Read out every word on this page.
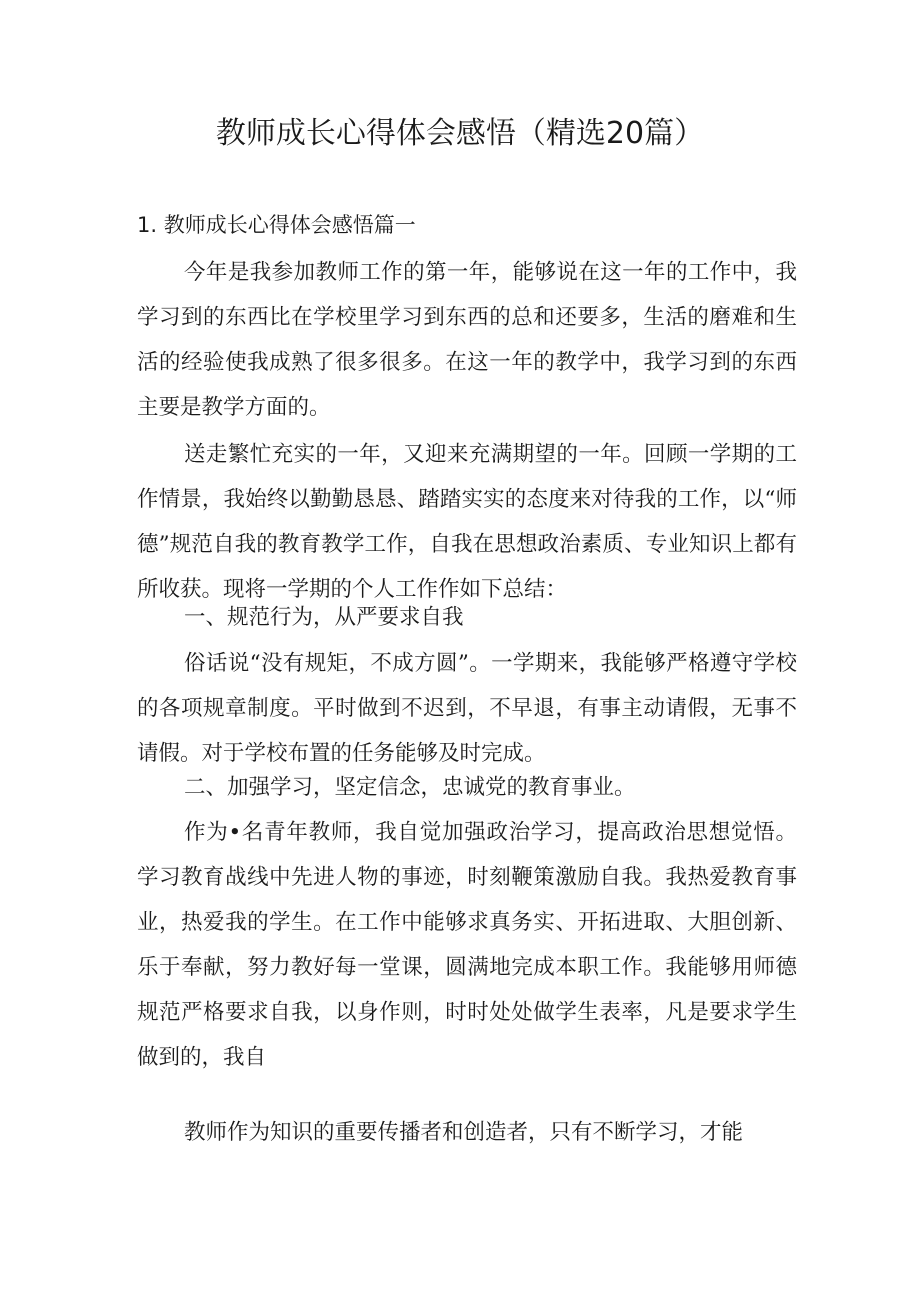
教师成长心得体会感悟（精选20篇）
1. 教师成长心得体会感悟篇一
今年是我参加教师工作的第一年，能够说在这一年的工作中，我学习到的东西比在学校里学习到东西的总和还要多，生活的磨难和生活的经验使我成熟了很多很多。在这一年的教学中，我学习到的东西主要是教学方面的。
送走繁忙充实的一年，又迎来充满期望的一年。回顾一学期的工作情景，我始终以勤勤恳恳、踏踏实实的态度来对待我的工作，以“师德”规范自我的教育教学工作，自我在思想政治素质、专业知识上都有所收获。现将一学期的个人工作作如下总结：
一、规范行为，从严要求自我
俗话说“没有规矩，不成方圆”。一学期来，我能够严格遵守学校的各项规章制度。平时做到不迟到，不早退，有事主动请假，无事不请假。对于学校布置的任务能够及时完成。
二、加强学习，坚定信念，忠诚党的教育事业。
作为•名青年教师，我自觉加强政治学习，提高政治思想觉悟。学习教育战线中先进人物的事迹，时刻鞭策激励自我。我热爱教育事业，热爱我的学生。在工作中能够求真务实、开拓进取、大胆创新、乐于奉献，努力教好每一堂课，圆满地完成本职工作。我能够用师德规范严格要求自我，以身作则，时时处处做学生表率，凡是要求学生做到的，我自
教师作为知识的重要传播者和创造者，只有不断学习，才能
